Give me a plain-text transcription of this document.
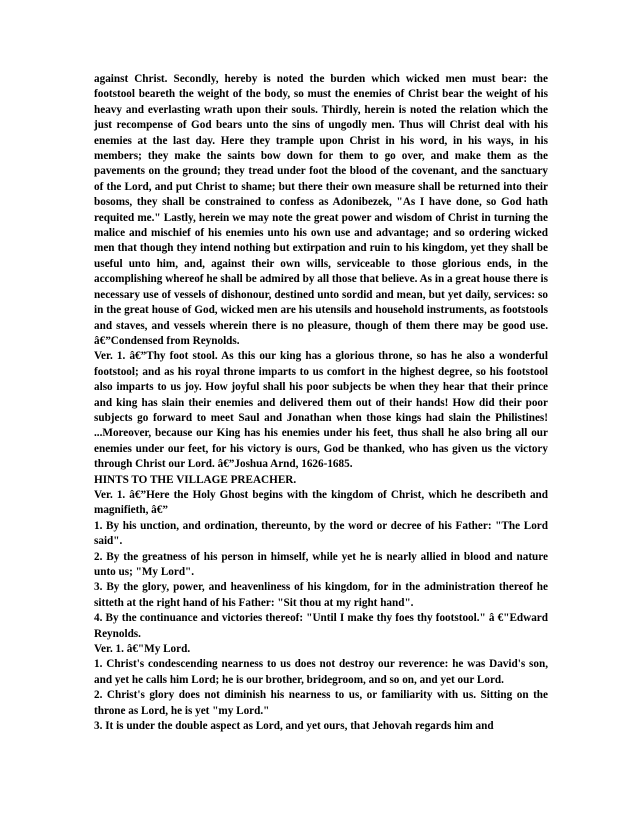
against Christ. Secondly, hereby is noted the burden which wicked men must bear: the footstool beareth the weight of the body, so must the enemies of Christ bear the weight of his heavy and everlasting wrath upon their souls. Thirdly, herein is noted the relation which the just recompense of God bears unto the sins of ungodly men. Thus will Christ deal with his enemies at the last day. Here they trample upon Christ in his word, in his ways, in his members; they make the saints bow down for them to go over, and make them as the pavements on the ground; they tread under foot the blood of the covenant, and the sanctuary of the Lord, and put Christ to shame; but there their own measure shall be returned into their bosoms, they shall be constrained to confess as Adonibezek, "As I have done, so God hath requited me." Lastly, herein we may note the great power and wisdom of Christ in turning the malice and mischief of his enemies unto his own use and advantage; and so ordering wicked men that though they intend nothing but extirpation and ruin to his kingdom, yet they shall be useful unto him, and, against their own wills, serviceable to those glorious ends, in the accomplishing whereof he shall be admired by all those that believe. As in a great house there is necessary use of vessels of dishonour, destined unto sordid and mean, but yet daily, services: so in the great house of God, wicked men are his utensils and household instruments, as footstools and staves, and vessels wherein there is no pleasure, though of them there may be good use. â€”Condensed from Reynolds.

Ver. 1. â€”Thy foot stool. As this our king has a glorious throne, so has he also a wonderful footstool; and as his royal throne imparts to us comfort in the highest degree, so his footstool also imparts to us joy. How joyful shall his poor subjects be when they hear that their prince and king has slain their enemies and delivered them out of their hands! How did their poor subjects go forward to meet Saul and Jonathan when those kings had slain the Philistines! ...Moreover, because our King has his enemies under his feet, thus shall he also bring all our enemies under our feet, for his victory is ours, God be thanked, who has given us the victory through Christ our Lord. â€”Joshua Arnd, 1626-1685.

HINTS TO THE VILLAGE PREACHER.

Ver. 1. â€”Here the Holy Ghost begins with the kingdom of Christ, which he describeth and magnifieth, â€”

1. By his unction, and ordination, thereunto, by the word or decree of his Father: "The Lord said".

2. By the greatness of his person in himself, while yet he is nearly allied in blood and nature unto us; "My Lord".

3. By the glory, power, and heavenliness of his kingdom, for in the administration thereof he sitteth at the right hand of his Father: "Sit thou at my right hand".

4. By the continuance and victories thereof: "Until I make thy foes thy footstool." â €"Edward Reynolds.

Ver. 1. â€"My Lord.

1. Christ's condescending nearness to us does not destroy our reverence: he was David's son, and yet he calls him Lord; he is our brother, bridegroom, and so on, and yet our Lord.

2. Christ's glory does not diminish his nearness to us, or familiarity with us. Sitting on the throne as Lord, he is yet "my Lord."

3. It is under the double aspect as Lord, and yet ours, that Jehovah regards him and
